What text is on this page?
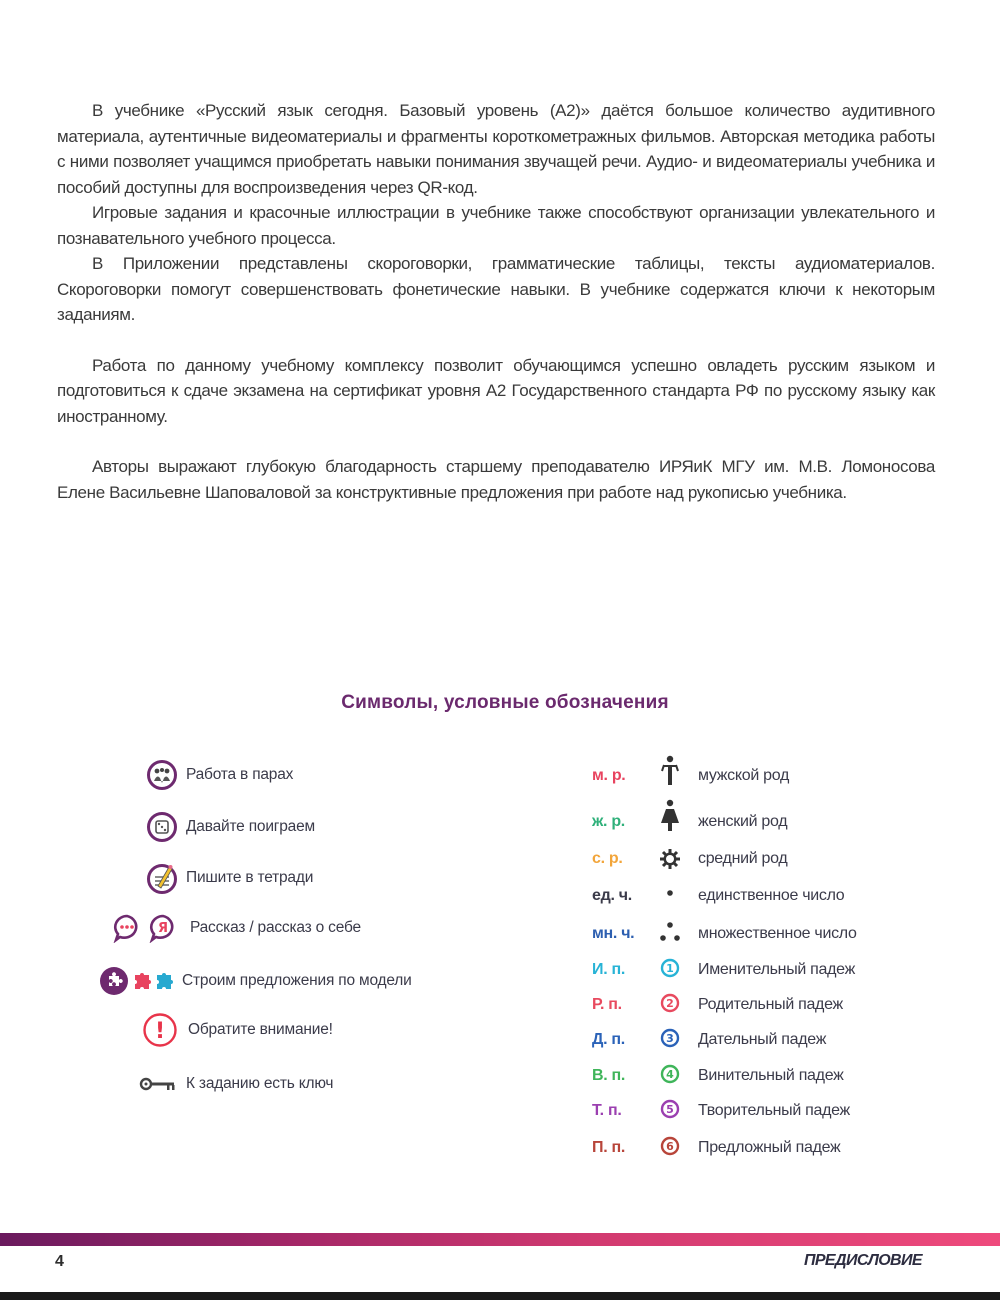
В учебнике «Русский язык сегодня. Базовый уровень (А2)» даётся большое количество аудитивного материала, аутентичные видеоматериалы и фрагменты короткометражных фильмов. Авторская методика работы с ними позволяет учащимся приобретать навыки понимания звучащей речи. Аудио- и видеоматериалы учебника и пособий доступны для воспроизведения через QR-код.

Игровые задания и красочные иллюстрации в учебнике также способствуют организации увлекательного и познавательного учебного процесса.

В Приложении представлены скороговорки, грамматические таблицы, тексты аудиоматериалов. Скороговорки помогут совершенствовать фонетические навыки. В учебнике содержатся ключи к некоторым заданиям.

Работа по данному учебному комплексу позволит обучающимся успешно овладеть русским языком и подготовиться к сдаче экзамена на сертификат уровня А2 Государственного стандарта РФ по русскому языку как иностранному.

Авторы выражают глубокую благодарность старшему преподавателю ИРЯиК МГУ им. М.В. Ломоносова Елене Васильевне Шаповаловой за конструктивные предложения при работе над рукописью учебника.

Символы, условные обозначения
Работа в парах
Давайте поиграем
Пишите в тетради
Я Рассказ / рассказ о себе
Строим предложения по модели
! Обратите внимание!
К заданию есть ключ
м. р.	мужской род
ж. р.	женский род
с. р.	средний род
ед. ч.	единственное число
мн. ч.	множественное число
И. п.	1 Именительный падеж
Р. п.	2 Родительный падеж
Д. п.	3 Дательный падеж
В. п.	4 Винительный падеж
Т. п.	5 Творительный падеж
П. п.	6 Предложный падеж
4	ПРЕДИСЛОВИЕ
